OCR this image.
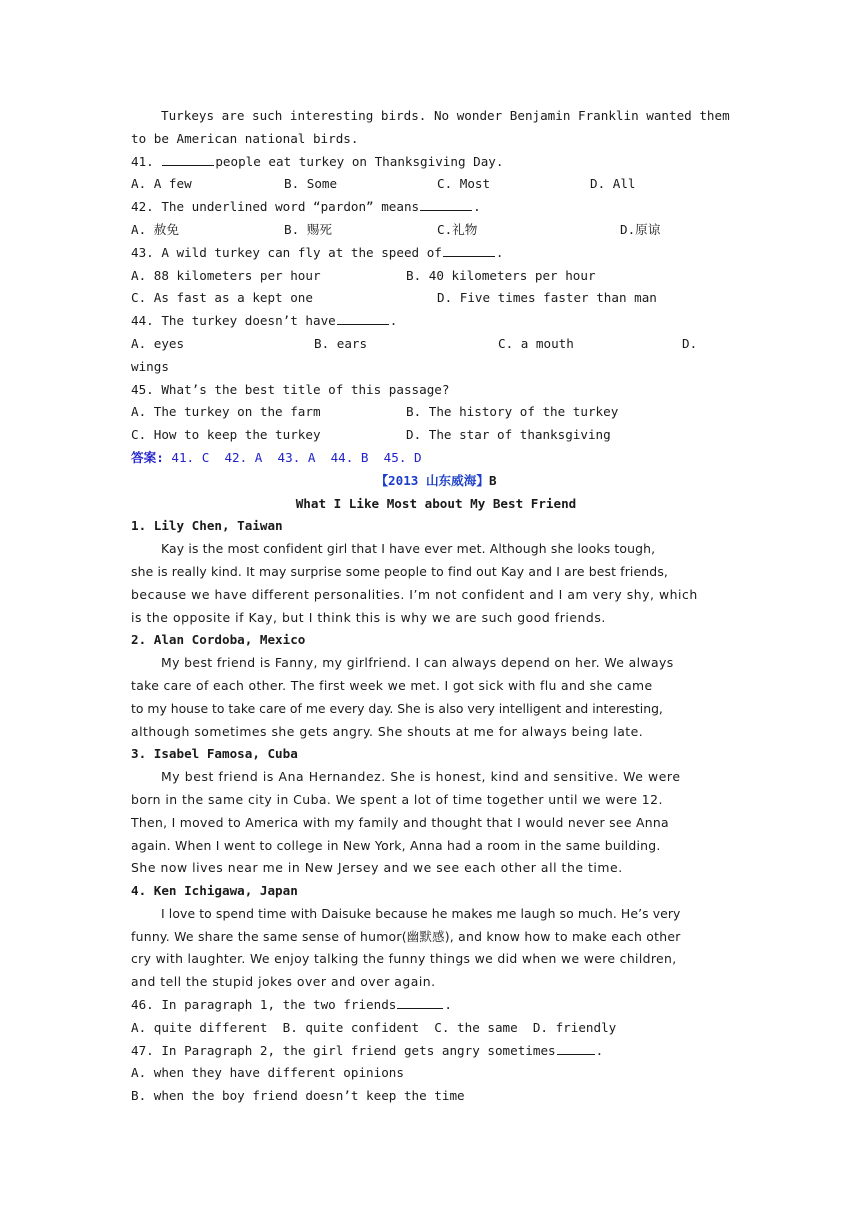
Turkeys are such interesting birds. No wonder Benjamin Franklin wanted them
to be American national birds.
41.	people eat turkey on Thanksgiving Day.
A. A few	B. Some	C. Most	D. All
42. The underlined word “pardon” means	.
A. 赦免	B. 赐死	C.礼物	D.原谅
43. A wild turkey can fly at the speed of	.
A. 88 kilometers per hour	B. 40 kilometers per hour
C. As fast as a kept one	D. Five times faster than man
44. The turkey doesn’t have	.
A. eyes	B. ears	C. a mouth	D.
wings
45. What’s the best title of this passage?
A. The turkey on the farm	B. The history of the turkey
C. How to keep the turkey	D. The star of thanksgiving
答案: 41. C  42. A  43. A  44. B  45. D
【2013 山东威海】B
What I Like Most about My Best Friend
1. Lily Chen, Taiwan
Kay is the most confident girl that I have ever met. Although she looks tough,
she is really kind. It may surprise some people to find out Kay and I are best friends,
because we have different personalities. I’m not confident and I am very shy, which
is the opposite if Kay, but I think this is why we are such good friends.
2. Alan Cordoba, Mexico
My best friend is Fanny, my girlfriend. I can always depend on her. We always
take care of each other. The first week we met. I got sick with flu and she came
to my house to take care of me every day. She is also very intelligent and interesting,
although sometimes she gets angry. She shouts at me for always being late.
3. Isabel Famosa, Cuba
My best friend is Ana Hernandez. She is honest, kind and sensitive. We were
born in the same city in Cuba. We spent a lot of time together until we were 12.
Then, I moved to America with my family and thought that I would never see Anna
again. When I went to college in New York, Anna had a room in the same building.
She now lives near me in New Jersey and we see each other all the time.
4. Ken Ichigawa, Japan
I love to spend time with Daisuke because he makes me laugh so much. He’s very
funny. We share the same sense of humor(幽默感), and know how to make each other
cry with laughter. We enjoy talking the funny things we did when we were children,
and tell the stupid jokes over and over again.
46. In paragraph 1, the two friends	.
A. quite different  B. quite confident  C. the same  D. friendly
47. In Paragraph 2, the girl friend gets angry sometimes	.
A. when they have different opinions
B. when the boy friend doesn’t keep the time
